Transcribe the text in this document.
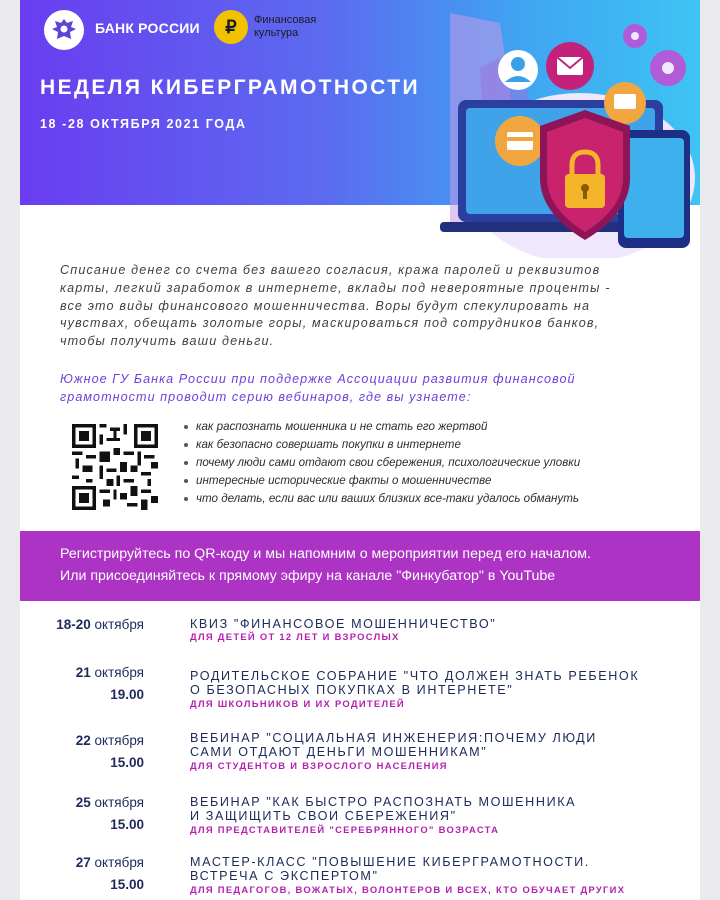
БАНК РОССИИ ₽ Финансовая
культура
НЕДЕЛЯ КИБЕРГРАМОТНОСТИ
18 -28 ОКТЯБРЯ 2021 ГОДА
Списание денег со счета без вашего согласия, кража паролей и реквизитов
карты, легкий заработок в интернете, вклады под невероятные проценты -
все это виды финансового мошенничества. Воры будут спекулировать на
чувствах, обещать золотые горы, маскироваться под сотрудников банков,
чтобы получить ваши деньги.
Южное ГУ Банка России при поддержке Ассоциации развития финансовой
грамотности проводит серию вебинаров, где вы узнаете:
как распознать мошенника и не стать его жертвой
как безопасно совершать покупки в интернете
почему люди сами отдают свои сбережения, психологические уловки
интересные исторические факты о мошенничестве
что делать, если вас или ваших близких все-таки удалось обмануть
Регистрируйтесь по QR-коду и мы напомним о мероприятии перед его началом.
Или присоединяйтесь к прямому эфиру на канале "Финкубатор" в YouTube
18-20 октября	КВИЗ "ФИНАНСОВОЕ МОШЕННИЧЕСТВО"
ДЛЯ ДЕТЕЙ ОТ 12 ЛЕТ И ВЗРОСЛЫХ
21 октября
19.00
РОДИТЕЛЬСКОЕ СОБРАНИЕ "ЧТО ДОЛЖЕН ЗНАТЬ РЕБЕНОК
О БЕЗОПАСНЫХ ПОКУПКАХ В ИНТЕРНЕТЕ"
ДЛЯ ШКОЛЬНИКОВ И ИХ РОДИТЕЛЕЙ
22 октября
15.00
ВЕБИНАР "СОЦИАЛЬНАЯ ИНЖЕНЕРИЯ:ПОЧЕМУ ЛЮДИ
САМИ ОТДАЮТ ДЕНЬГИ МОШЕННИКАМ"
ДЛЯ СТУДЕНТОВ И ВЗРОСЛОГО НАСЕЛЕНИЯ
25 октября
15.00
ВЕБИНАР "КАК БЫСТРО РАСПОЗНАТЬ МОШЕННИКА
И ЗАЩИЩИТЬ СВОИ СБЕРЕЖЕНИЯ"
ДЛЯ ПРЕДСТАВИТЕЛЕЙ "СЕРЕБРЯННОГО" ВОЗРАСТА
27 октября
15.00
МАСТЕР-КЛАСС "ПОВЫШЕНИЕ КИБЕРГРАМОТНОСТИ.
ВСТРЕЧА С ЭКСПЕРТОМ"
ДЛЯ ПЕДАГОГОВ, ВОЖАТЫХ, ВОЛОНТЕРОВ И ВСЕХ, КТО ОБУЧАЕТ ДРУГИХ
